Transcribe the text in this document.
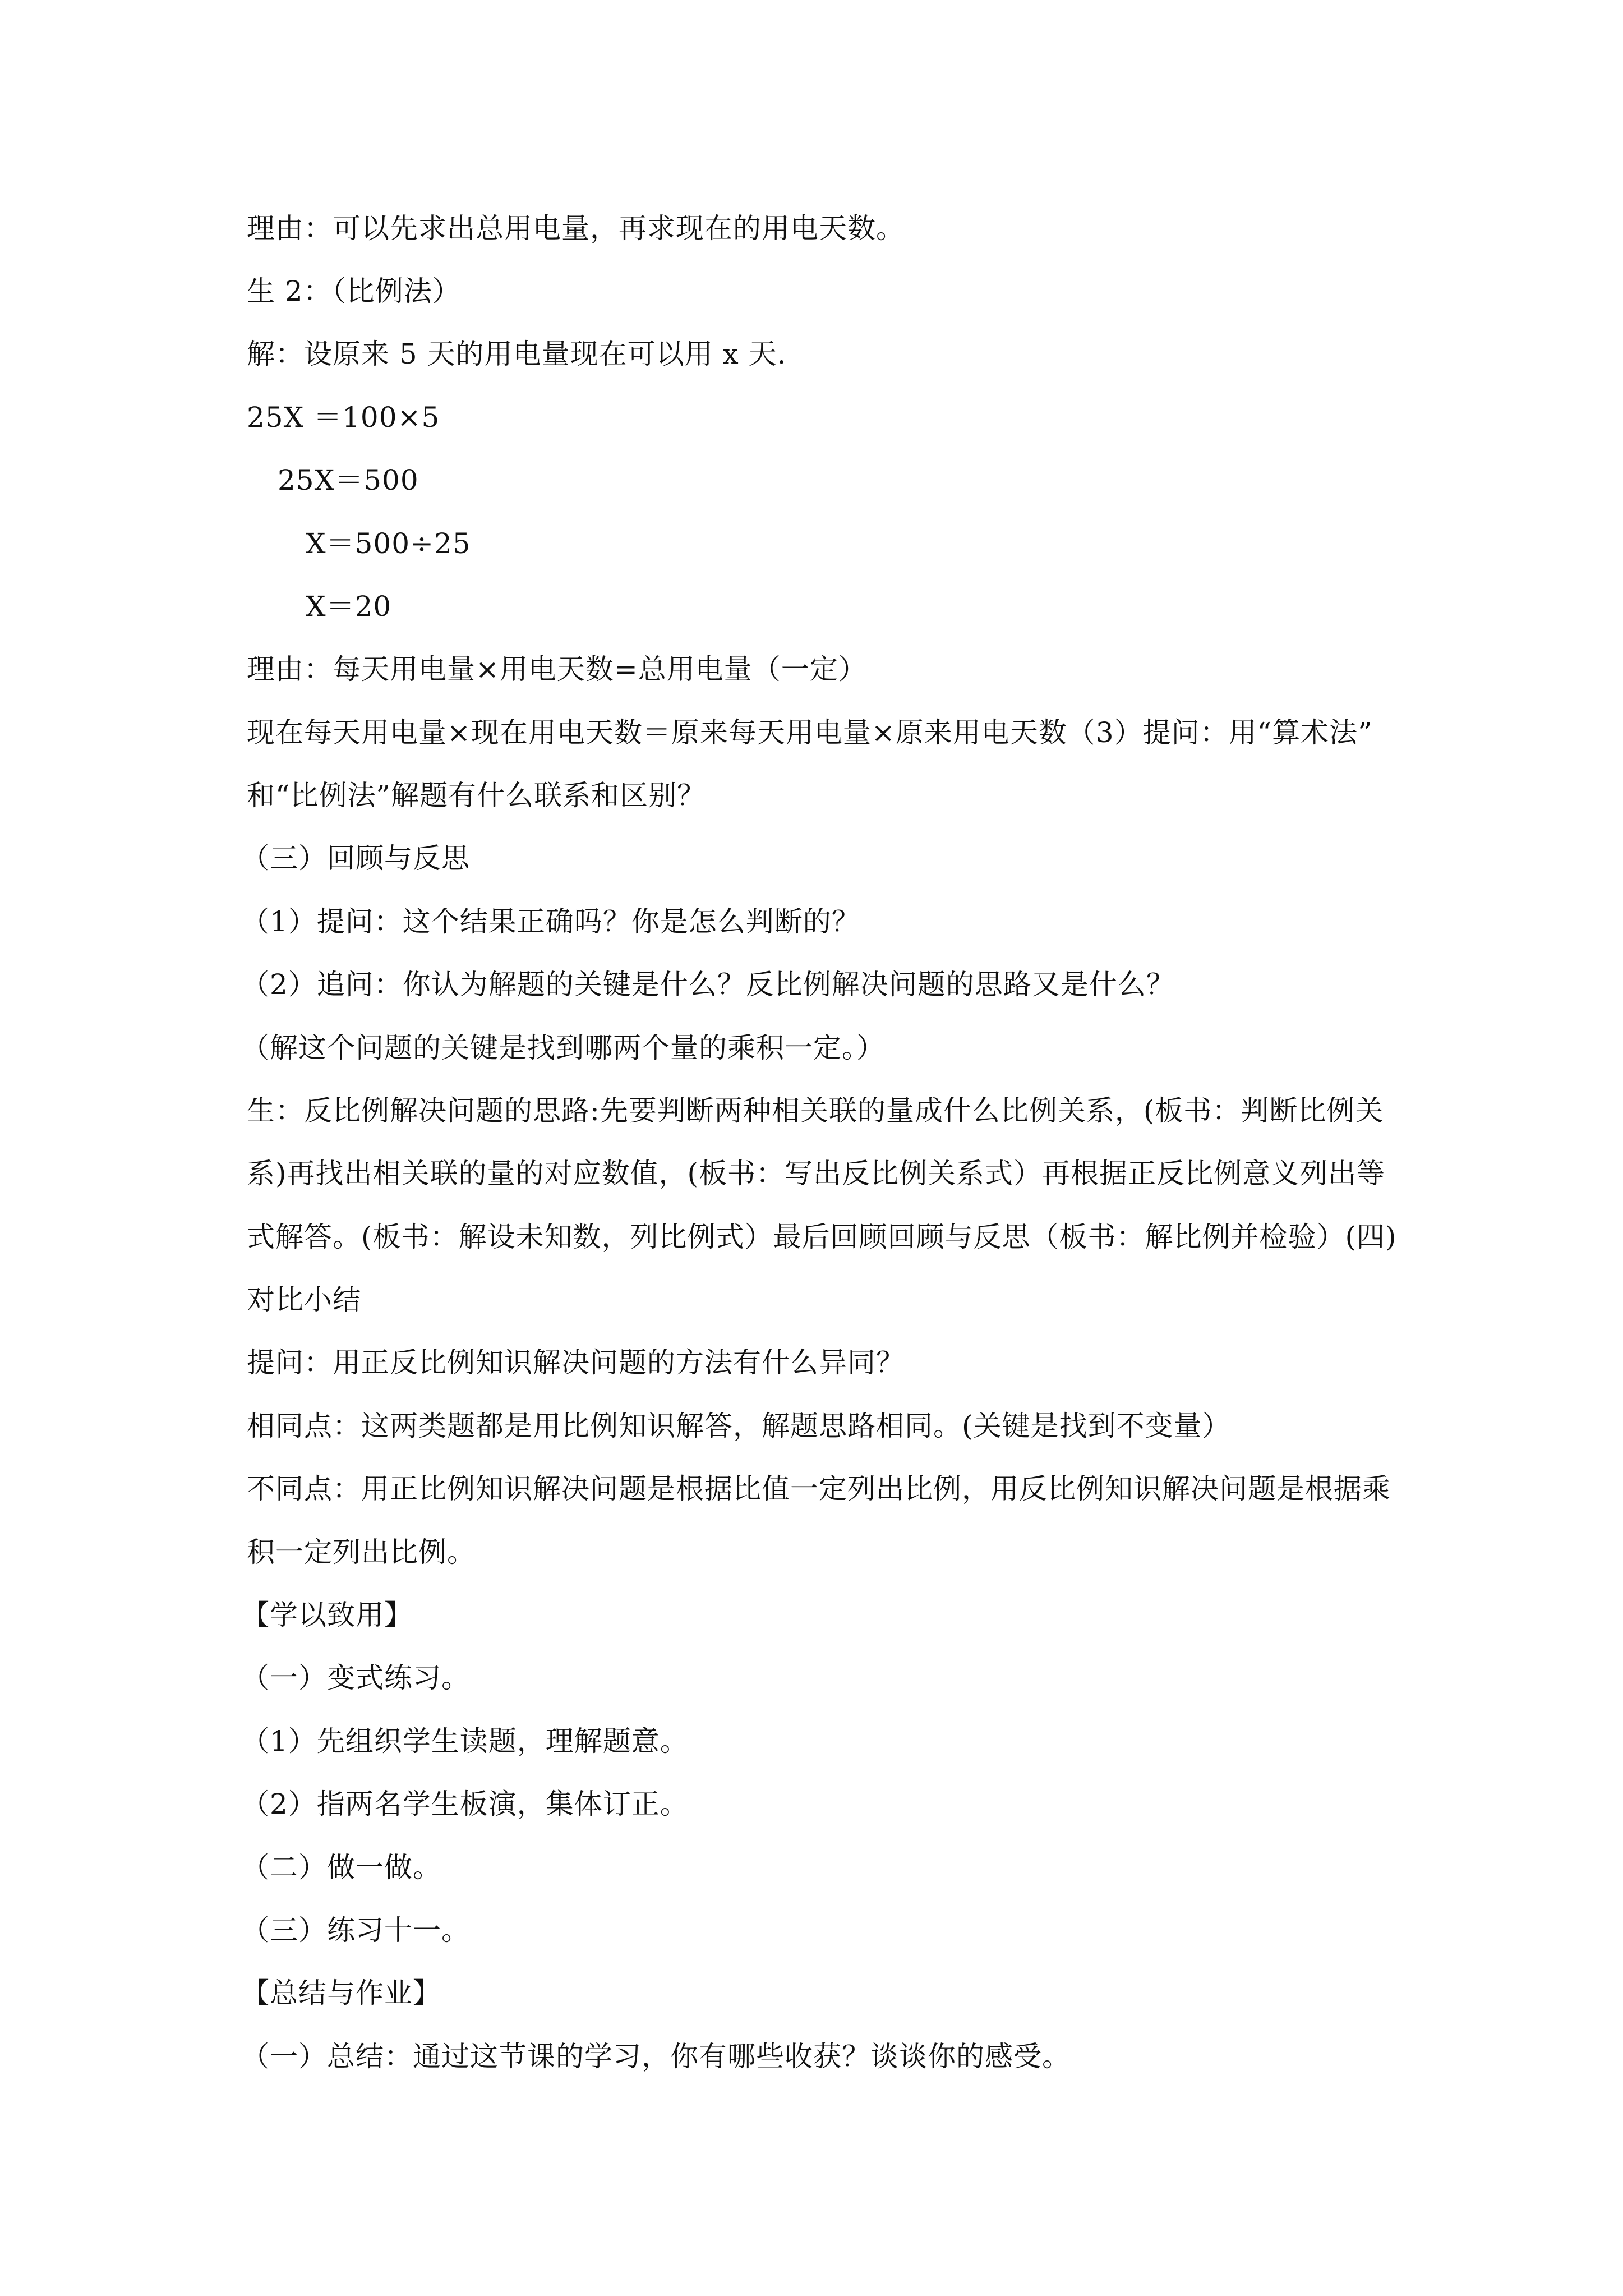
理由：可以先求出总用电量，再求现在的用电天数。
生 2：（比例法）
解：设原来 5 天的用电量现在可以用 x 天.
25X ＝100×5
25X＝500
X＝500÷25
X＝20
理由：每天用电量×用电天数=总用电量（一定）
现在每天用电量×现在用电天数＝原来每天用电量×原来用电天数（3）提问：用“算术法”
和“比例法”解题有什么联系和区别？
（三）回顾与反思
（1）提问：这个结果正确吗？你是怎么判断的？
（2）追问：你认为解题的关键是什么？反比例解决问题的思路又是什么？
（解这个问题的关键是找到哪两个量的乘积一定。）
生：反比例解决问题的思路:先要判断两种相关联的量成什么比例关系，(板书：判断比例关
系)再找出相关联的量的对应数值，(板书：写出反比例关系式）再根据正反比例意义列出等
式解答。(板书：解设未知数，列比例式）最后回顾回顾与反思（板书：解比例并检验）(四)
对比小结
提问：用正反比例知识解决问题的方法有什么异同？
相同点：这两类题都是用比例知识解答，解题思路相同。(关键是找到不变量）
不同点：用正比例知识解决问题是根据比值一定列出比例，用反比例知识解决问题是根据乘
积一定列出比例。
【学以致用】
（一）变式练习。
（1）先组织学生读题，理解题意。
（2）指两名学生板演，集体订正。
（二）做一做。
（三）练习十一。
【总结与作业】
（一）总结：通过这节课的学习，你有哪些收获？谈谈你的感受。
